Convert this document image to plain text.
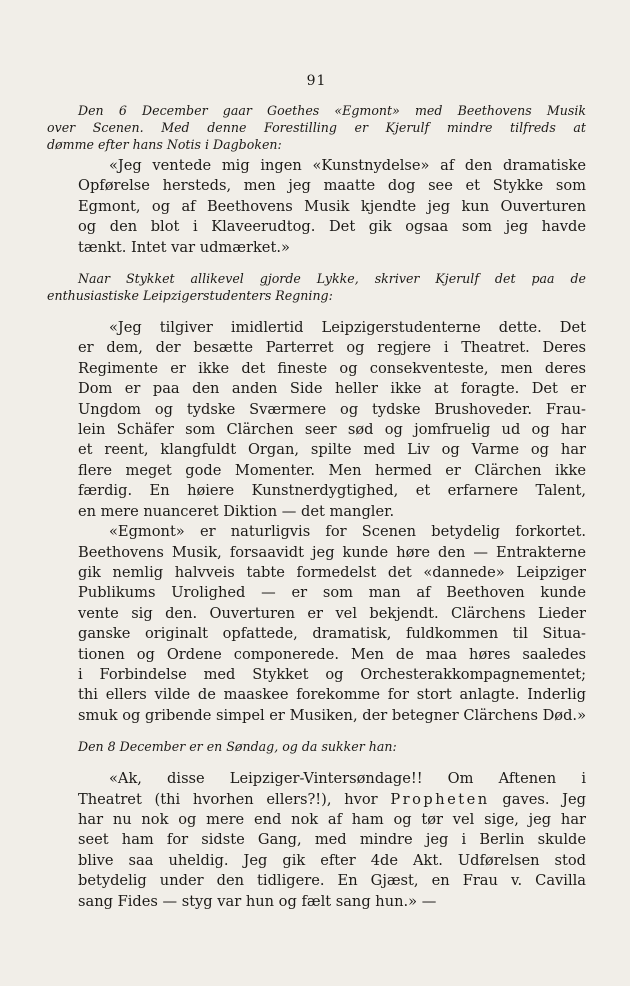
91
Den 6 December gaar Goethes «Egmont» med Beethovens Musik
over Scenen. Med denne Forestilling er Kjerulf mindre tilfreds at
dømme efter hans Notis i Dagboken:
«Jeg ventede mig ingen «Kunstnydelse» af den dramatiske
Opførelse hersteds, men jeg maatte dog see et Stykke som
Egmont, og af Beethovens Musik kjendte jeg kun Ouverturen
og den blot i Klaveerudtog. Det gik ogsaa som jeg havde
tænkt. Intet var udmærket.»
Naar Stykket allikevel gjorde Lykke, skriver Kjerulf det paa de
enthusiastiske Leipzigerstudenters Regning:
«Jeg tilgiver imidlertid Leipzigerstudenterne dette. Det
er dem, der besætte Parterret og regjere i Theatret. Deres
Regimente er ikke det fineste og consekventeste, men deres
Dom er paa den anden Side heller ikke at foragte. Det er
Ungdom og tydske Sværmere og tydske Brushoveder. Frau-
lein Schäfer som Clärchen seer sød og jomfruelig ud og har
et reent, klangfuldt Organ, spilte med Liv og Varme og har
flere meget gode Momenter. Men hermed er Clärchen ikke
færdig. En høiere Kunstnerdygtighed, et erfarnere Talent,
en mere nuanceret Diktion — det mangler.
«Egmont» er naturligvis for Scenen betydelig forkortet.
Beethovens Musik, forsaavidt jeg kunde høre den — Entrakterne
gik nemlig halvveis tabte formedelst det «dannede» Leipziger
Publikums Urolighed — er som man af Beethoven kunde
vente sig den. Ouverturen er vel bekjendt. Clärchens Lieder
ganske originalt opfattede, dramatisk, fuldkommen til Situa-
tionen og Ordene componerede. Men de maa høres saaledes
i Forbindelse med Stykket og Orchesterakkompagnementet;
thi ellers vilde de maaskee forekomme for stort anlagte. Inderlig
smuk og gribende simpel er Musiken, der betegner Clärchens Død.»
Den 8 December er en Søndag, og da sukker han:
«Ak, disse Leipziger-Vintersøndage!! Om Aftenen i
Theatret (thi hvorhen ellers?!), hvor Propheten gaves. Jeg
har nu nok og mere end nok af ham og tør vel sige, jeg har
seet ham for sidste Gang, med mindre jeg i Berlin skulde
blive saa uheldig. Jeg gik efter 4de Akt. Udførelsen stod
betydelig under den tidligere. En Gjæst, en Frau v. Cavilla
sang Fides — styg var hun og fælt sang hun.» —
